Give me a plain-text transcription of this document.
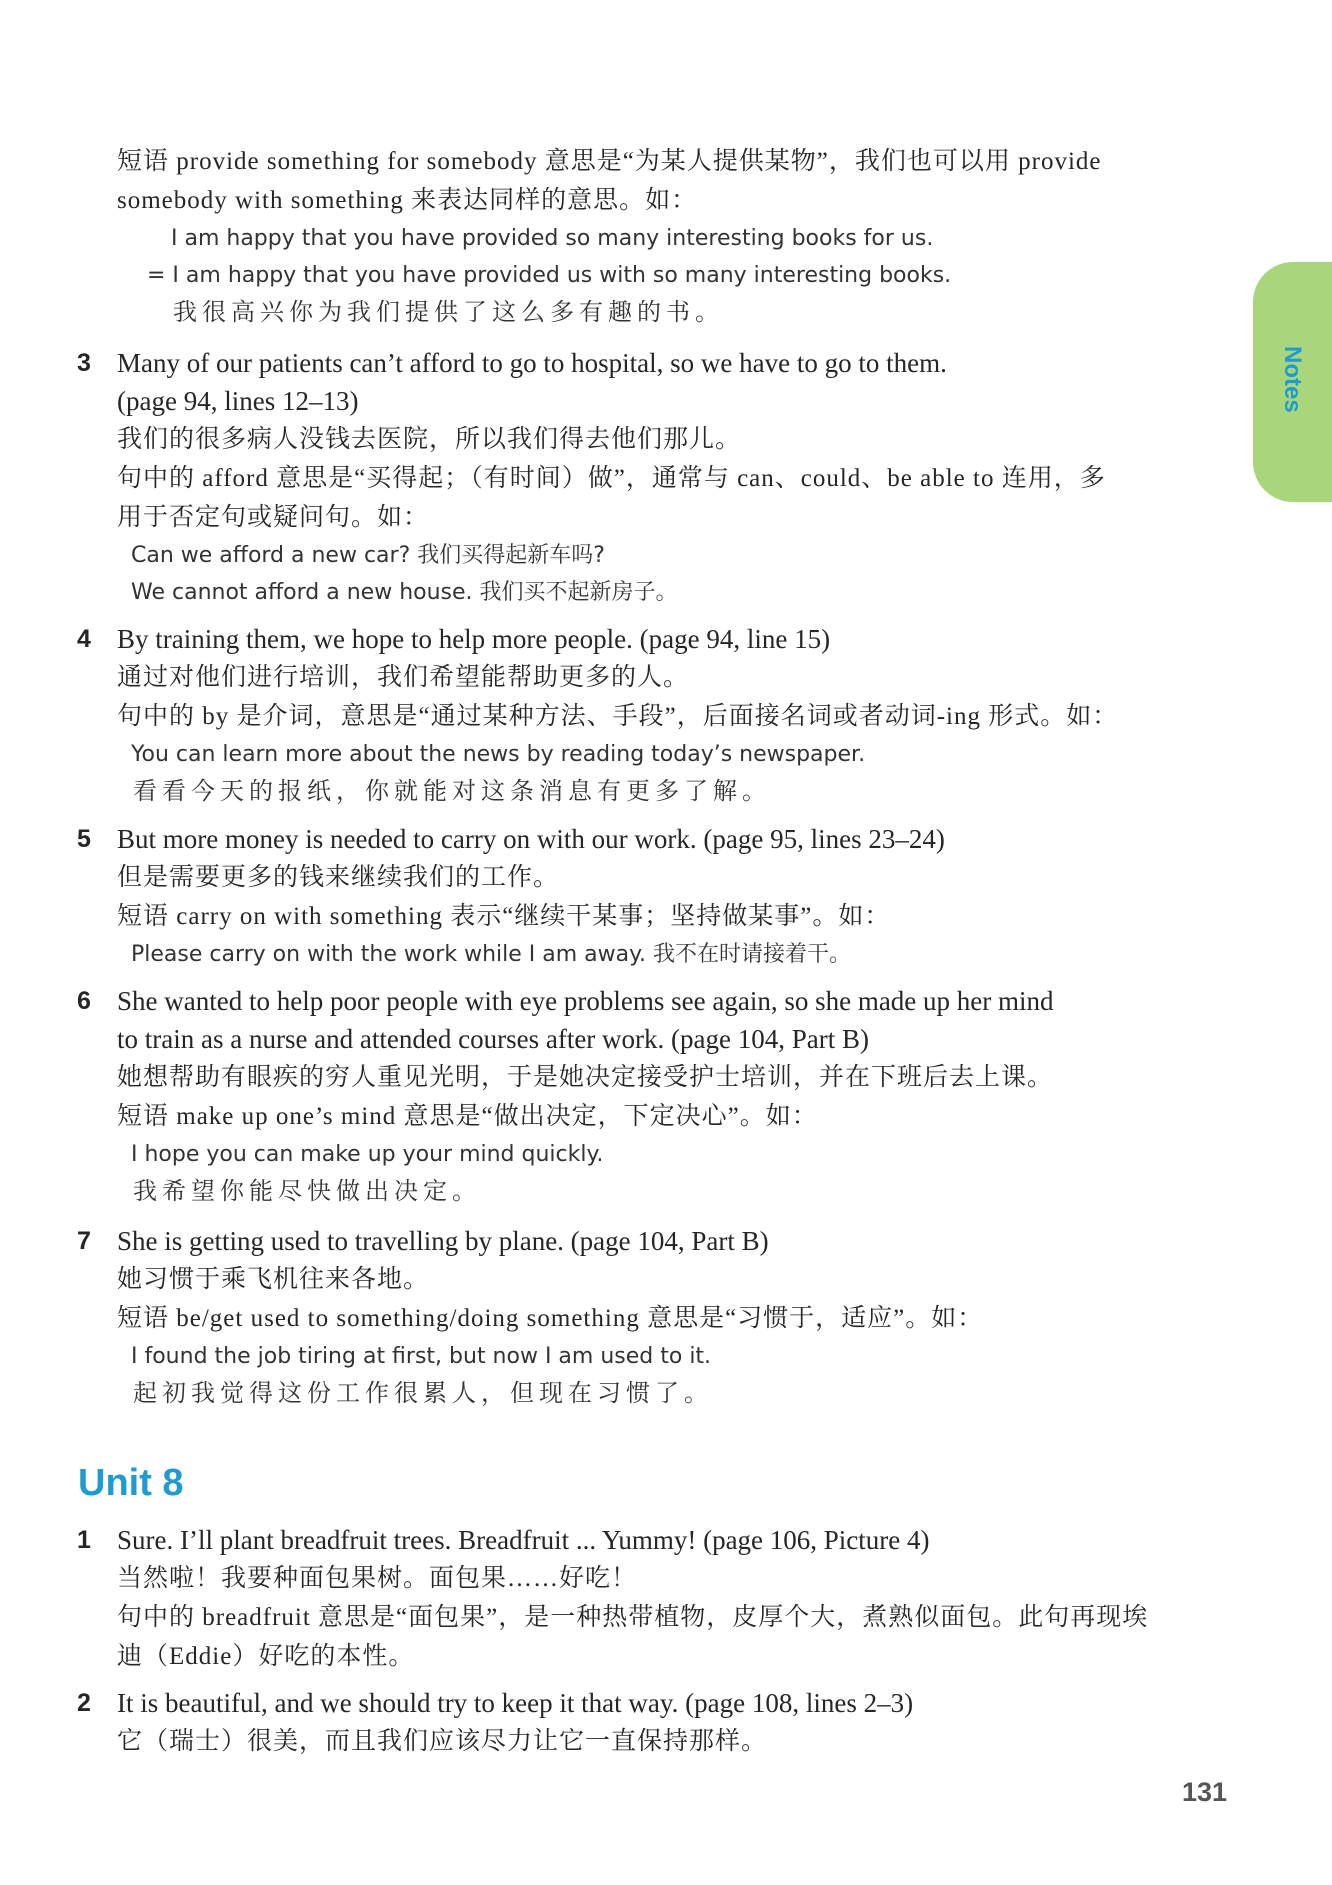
Notes
短语 provide something for somebody 意思是“为某人提供某物”，我们也可以用 provide
somebody with something 来表达同样的意思。如：
I am happy that you have provided so many interesting books for us.
= I am happy that you have provided us with so many interesting books.
我很高兴你为我们提供了这么多有趣的书。
3 Many of our patients can’t afford to go to hospital, so we have to go to them.
(page 94, lines 12–13)
我们的很多病人没钱去医院，所以我们得去他们那儿。
句中的 afford 意思是“买得起；（有时间）做”，通常与 can、could、be able to 连用，多
用于否定句或疑问句。如：
Can we afford a new car? 我们买得起新车吗?
We cannot afford a new house. 我们买不起新房子。
4 By training them, we hope to help more people. (page 94, line 15)
通过对他们进行培训，我们希望能帮助更多的人。
句中的 by 是介词，意思是“通过某种方法、手段”，后面接名词或者动词-ing 形式。如：
You can learn more about the news by reading today’s newspaper.
看看今天的报纸，你就能对这条消息有更多了解。
5 But more money is needed to carry on with our work. (page 95, lines 23–24)
但是需要更多的钱来继续我们的工作。
短语 carry on with something 表示“继续干某事；坚持做某事”。如：
Please carry on with the work while I am away. 我不在时请接着干。
6 She wanted to help poor people with eye problems see again, so she made up her mind
to train as a nurse and attended courses after work. (page 104, Part B)
她想帮助有眼疾的穷人重见光明，于是她决定接受护士培训，并在下班后去上课。
短语 make up one’s mind 意思是“做出决定，下定决心”。如：
I hope you can make up your mind quickly.
我希望你能尽快做出决定。
7 She is getting used to travelling by plane. (page 104, Part B)
她习惯于乘飞机往来各地。
短语 be/get used to something/doing something 意思是“习惯于，适应”。如：
I found the job tiring at first, but now I am used to it.
起初我觉得这份工作很累人，但现在习惯了。
Unit 8
1 Sure. I’ll plant breadfruit trees. Breadfruit ... Yummy! (page 106, Picture 4)
当然啦！我要种面包果树。面包果……好吃！
句中的 breadfruit 意思是“面包果”，是一种热带植物，皮厚个大，煮熟似面包。此句再现埃
迪（Eddie）好吃的本性。
2 It is beautiful, and we should try to keep it that way. (page 108, lines 2–3)
它（瑞士）很美，而且我们应该尽力让它一直保持那样。
131
